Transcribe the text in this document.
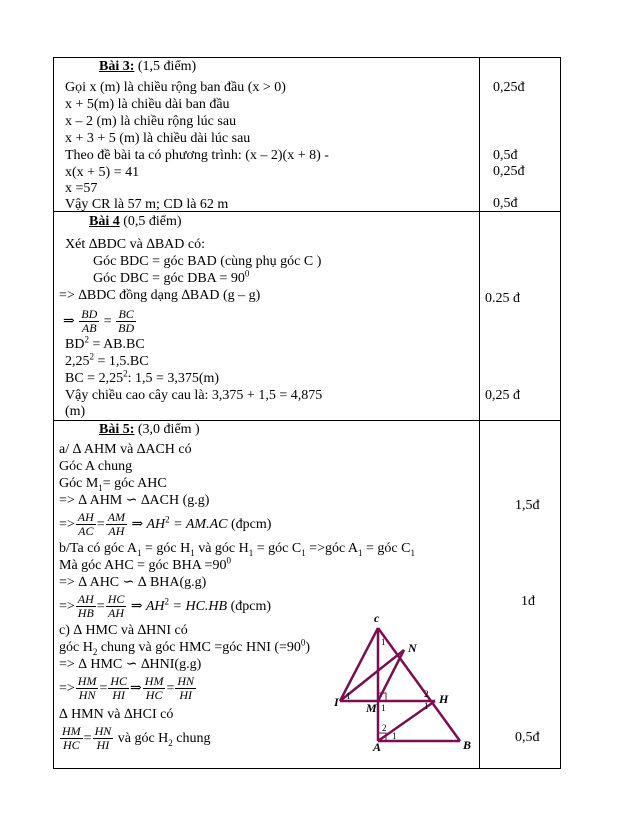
Bài 3: (1,5 điểm)
Gọi x (m) là chiều rộng ban đầu (x > 0)
x + 5(m) là chiều dài ban đầu
x – 2 (m) là chiều rộng lúc sau
x + 3 + 5 (m) là chiều dài lúc sau
Theo đề bài ta có phương trình: (x – 2)(x + 8) -
x(x + 5) = 41
x =57
Vậy CR là 57 m; CD là 62 m
0,25đ
0,5đ
0,25đ
0,5đ
Bài 4 (0,5 điểm)
Xét ∆BDC và ∆BAD có:
Góc BDC = góc BAD (cùng phụ góc C )
Góc DBC = góc DBA = $90^0$
=> ∆BDC đồng dạng ∆BAD (g – g)
⇒ $\frac{BD}{AB} = \frac{BC}{BD}$
$BD^2 = AB.BC$
$2,25^2 = 1,5.BC$
BC = $2,25^2$: 1,5 = 3,375(m)
Vậy chiều cao cây cau là: 3,375 + 1,5 = 4,875
(m)
0.25 đ
0,25 đ
Bài 5: (3,0 điểm )
a/ ∆ AHM và ∆ACH có
Góc A chung
Góc $M_1=$ góc AHC
=> ∆ AHM ∽ ∆ACH (g.g)
=> $\frac{AH}{AC} = \frac{AM}{AH}$ ⇒ $AH^2 = AM.AC$ (đpcm)
b/Ta có góc $A_1$ = góc $H_1$ và góc $H_1$ = góc $C_1$ =>góc $A_1$ = góc $C_1$
Mà góc AHC = góc BHA $=90^0$
=> ∆ AHC ∽ ∆ BHA(g.g)
=> $\frac{AH}{HB} = \frac{HC}{AH}$ ⇒ $AH^2 = HC.HB$ (đpcm)
c) ∆ HMC và ∆HNI có
góc $H_2$ chung và góc HMC =góc HNI $(=90^0)$
=> ∆ HMC ∽ ∆HNI(g.g)
=> $\frac{HM}{HN} = \frac{HC}{HI}$ ⇒ $\frac{HM}{HC} = \frac{HN}{HI}$
∆ HMN và ∆HCI có
$\frac{HM}{HC} = \frac{HN}{HI}$ và góc $H_2$ chung
1,5đ
1đ
0,5đ
c
N
I M
H
A	B
1
1	2
1
1
2
1
